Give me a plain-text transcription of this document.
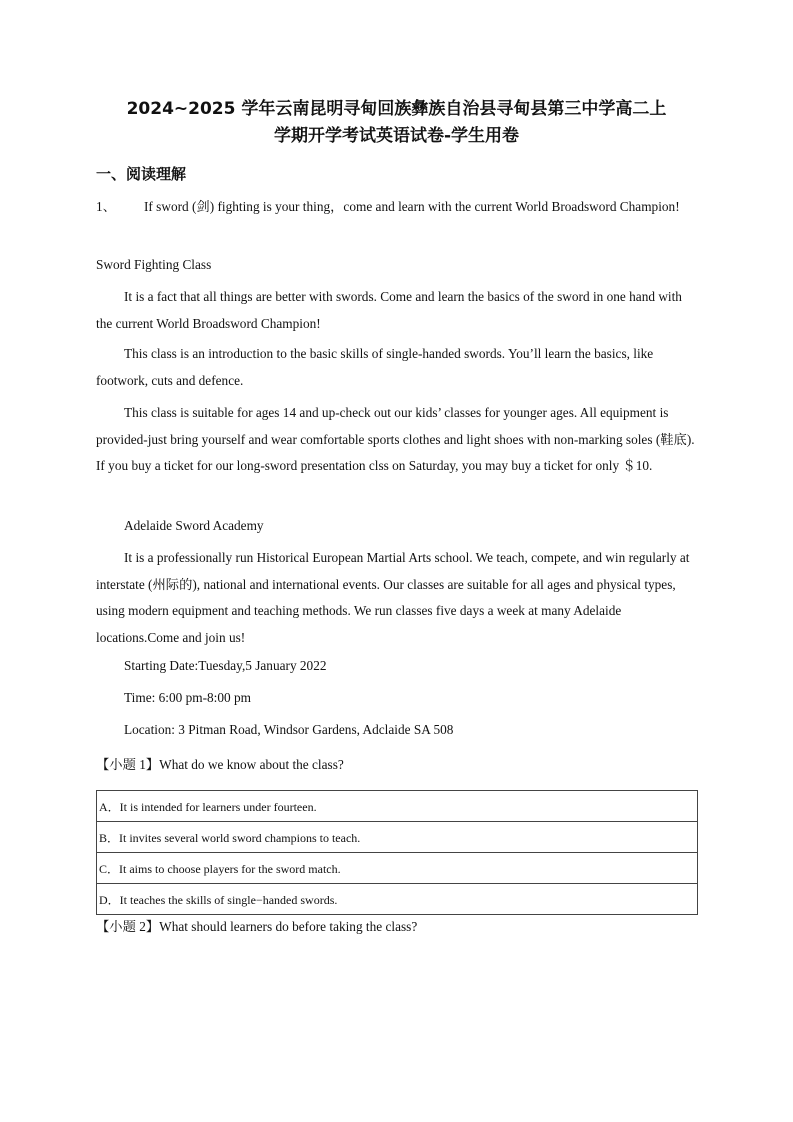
2024~2025 学年云南昆明寻甸回族彝族自治县寻甸县第三中学高二上
学期开学考试英语试卷-学生用卷
一、阅读理解
1、 If sword (剑) fighting is your thing，come and learn with the current World Broadsword Champion!
Sword Fighting Class
It is a fact that all things are better with swords. Come and learn the basics of the sword in one hand with the current World Broadsword Champion!
This class is an introduction to the basic skills of single-handed swords. You’ll learn the basics, like footwork, cuts and defence.
This class is suitable for ages 14 and up-check out our kids’ classes for younger ages. All equipment is provided-just bring yourself and wear comfortable sports clothes and light shoes with non-marking soles (鞋底). If you buy a ticket for our long-sword presentation clss on Saturday, you may buy a ticket for only ＄10.
Adelaide Sword Academy
It is a professionally run Historical European Martial Arts school. We teach, compete, and win regularly at interstate (州际的), national and international events. Our classes are suitable for all ages and physical types, using modern equipment and teaching methods. We run classes five days a week at many Adelaide locations.Come and join us!
Starting Date:Tuesday,5 January 2022
Time: 6:00 pm-8:00 pm
Location: 3 Pitman Road, Windsor Gardens, Adclaide SA 508
【小题 1】What do we know about the class?
A．It is intended for learners under fourteen.
B．It invites several world sword champions to teach.
C．It aims to choose players for the sword match.
D．It teaches the skills of single−handed swords.
【小题 2】What should learners do before taking the class?
